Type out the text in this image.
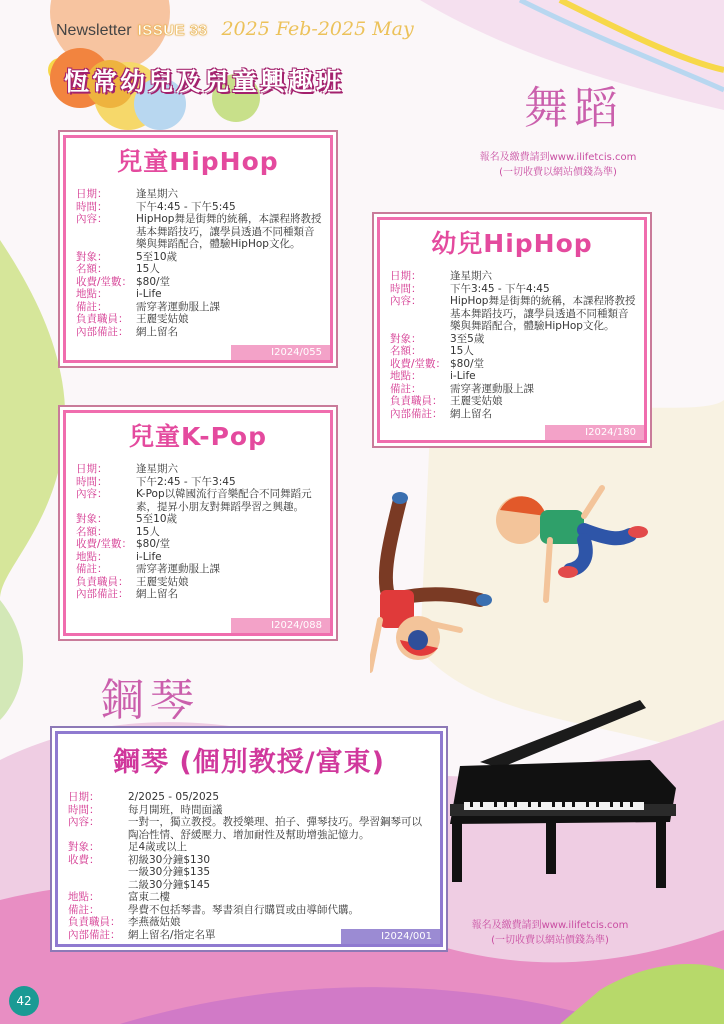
Newsletter ISSUE 33 2025 Feb-2025 May
恆常幼兒及兒童興趣班
舞蹈
鋼琴
報名及繳費請到www.ilifetcis.com
(一切收費以網站價錢為準)
報名及繳費請到www.ilifetcis.com
(一切收費以網站價錢為準)
兒童HipHop
日期：	逢星期六
時間：	下午4:45 - 下午5:45
內容：	HipHop舞是街舞的統稱，本課程將教授基本舞蹈技巧，讓學員透過不同種類音樂與舞蹈配合，體驗HipHop文化。
對象：	5至10歲
名額：	15人
收費/堂數： $80/堂
地點：	i-Life
備註：	需穿著運動服上課
負責職員： 王麗雯姑娘
內部備註： 網上留名
I2024/055
幼兒HipHop
日期：	逢星期六
時間：	下午3:45 - 下午4:45
內容：	HipHop舞是街舞的統稱，本課程將教授基本舞蹈技巧，讓學員透過不同種類音樂與舞蹈配合，體驗HipHop文化。
對象：	3至5歲
名額：	15人
收費/堂數： $80/堂
地點：	i-Life
備註：	需穿著運動服上課
負責職員： 王麗雯姑娘
內部備註： 網上留名
I2024/180
兒童K-Pop
日期：	逢星期六
時間：	下午2:45 - 下午3:45
內容：	K-Pop以韓國流行音樂配合不同舞蹈元素，提昇小朋友對舞蹈學習之興趣。
對象：	5至10歲
名額：	15人
收費/堂數： $80/堂
地點：	i-Life
備註：	需穿著運動服上課
負責職員： 王麗雯姑娘
內部備註： 網上留名
I2024/088
鋼琴 (個別教授/富東)
日期：	2/2025 - 05/2025
時間：	每月開班，時間面議
內容：	一對一，獨立教授。教授樂理、拍子、彈琴技巧。學習鋼琴可以陶冶性情、舒緩壓力、增加耐性及幫助增強記憶力。
對象：	足4歲或以上
收費：	初級30分鐘$130
一級30分鐘$135
二級30分鐘$145
地點：	富東二樓
備註：	學費不包括琴書。琴書須自行購買或由導師代購。
負責職員： 李燕薇姑娘
內部備註： 網上留名/指定名單	I2024/001
42
